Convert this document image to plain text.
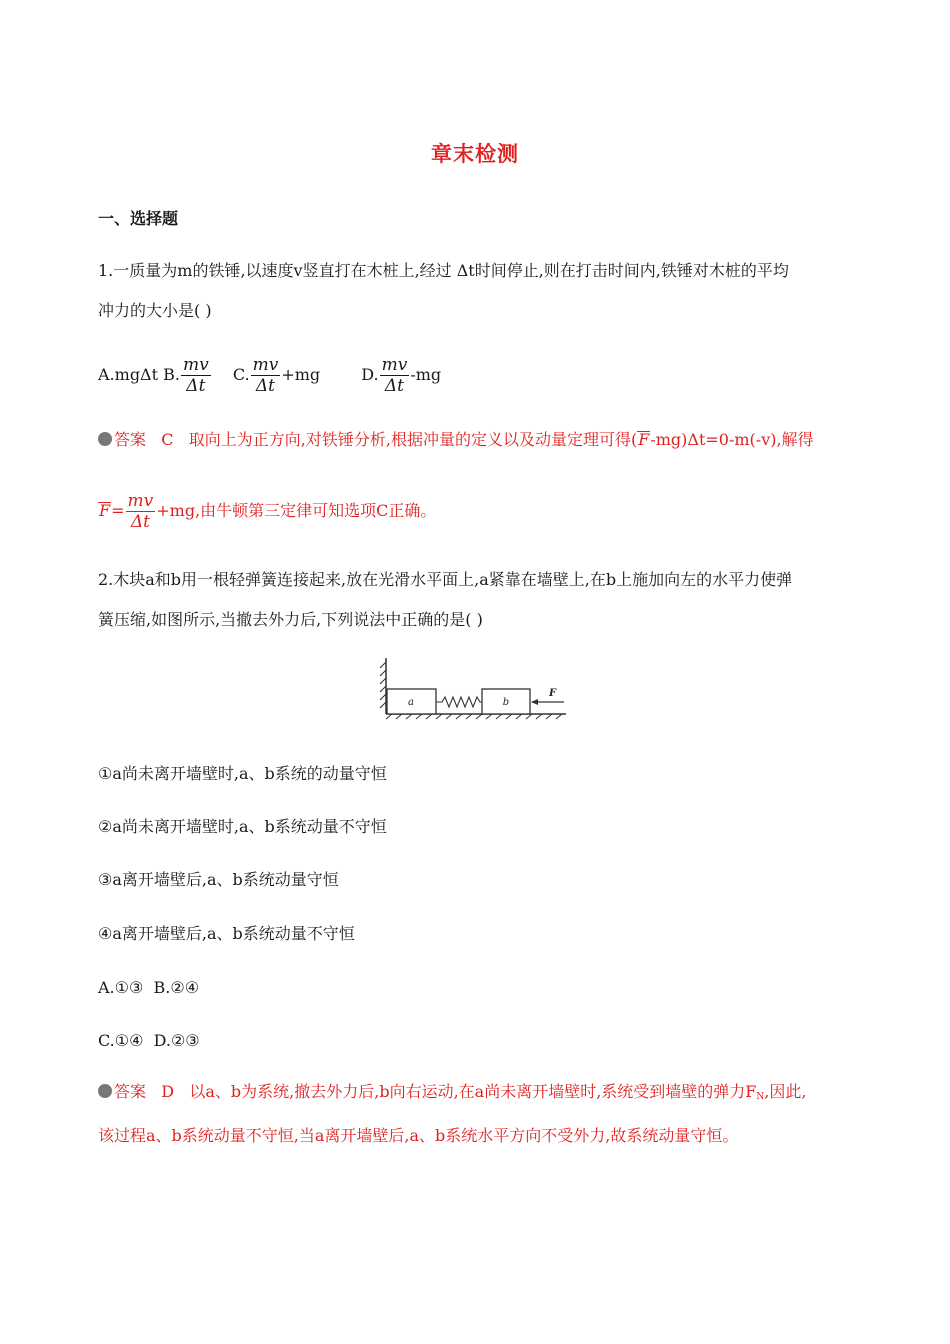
章末检测
一、选择题
1.一质量为m的铁锤,以速度v竖直打在木桩上,经过 Δt时间停止,则在打击时间内,铁锤对木桩的平均
冲力的大小是( )
A.mgΔt B. $\frac{mv}{\Delta t} C$. $\frac{mv}{\Delta t} +mg$	D. $\frac{mv}{\Delta t} -mg$
答案 C 取向上为正方向,对铁锤分析,根据冲量的定义以及动量定理可得(F-mg)Δt=0-m(-v),解得
$F= \frac{mv}{\Delta t} +mg$,由牛顿第三定律可知选项C正确。
2.木块a和b用一根轻弹簧连接起来,放在光滑水平面上,a紧靠在墙壁上,在b上施加向左的水平力使弹
簧压缩,如图所示,当撤去外力后,下列说法中正确的是( )
a	b
F
①a尚未离开墙壁时,a、b系统的动量守恒
②a尚未离开墙壁时,a、b系统动量不守恒
③a离开墙壁后,a、b系统动量守恒
④a离开墙壁后,a、b系统动量不守恒
A.①③  B.②④
C.①④  D.②③
答案 D 以a、b为系统,撤去外力后,b向右运动,在a尚未离开墙壁时,系统受到墙壁的弹力$F_N$,因此,
该过程a、b系统动量不守恒,当a离开墙壁后,a、b系统水平方向不受外力,故系统动量守恒。
